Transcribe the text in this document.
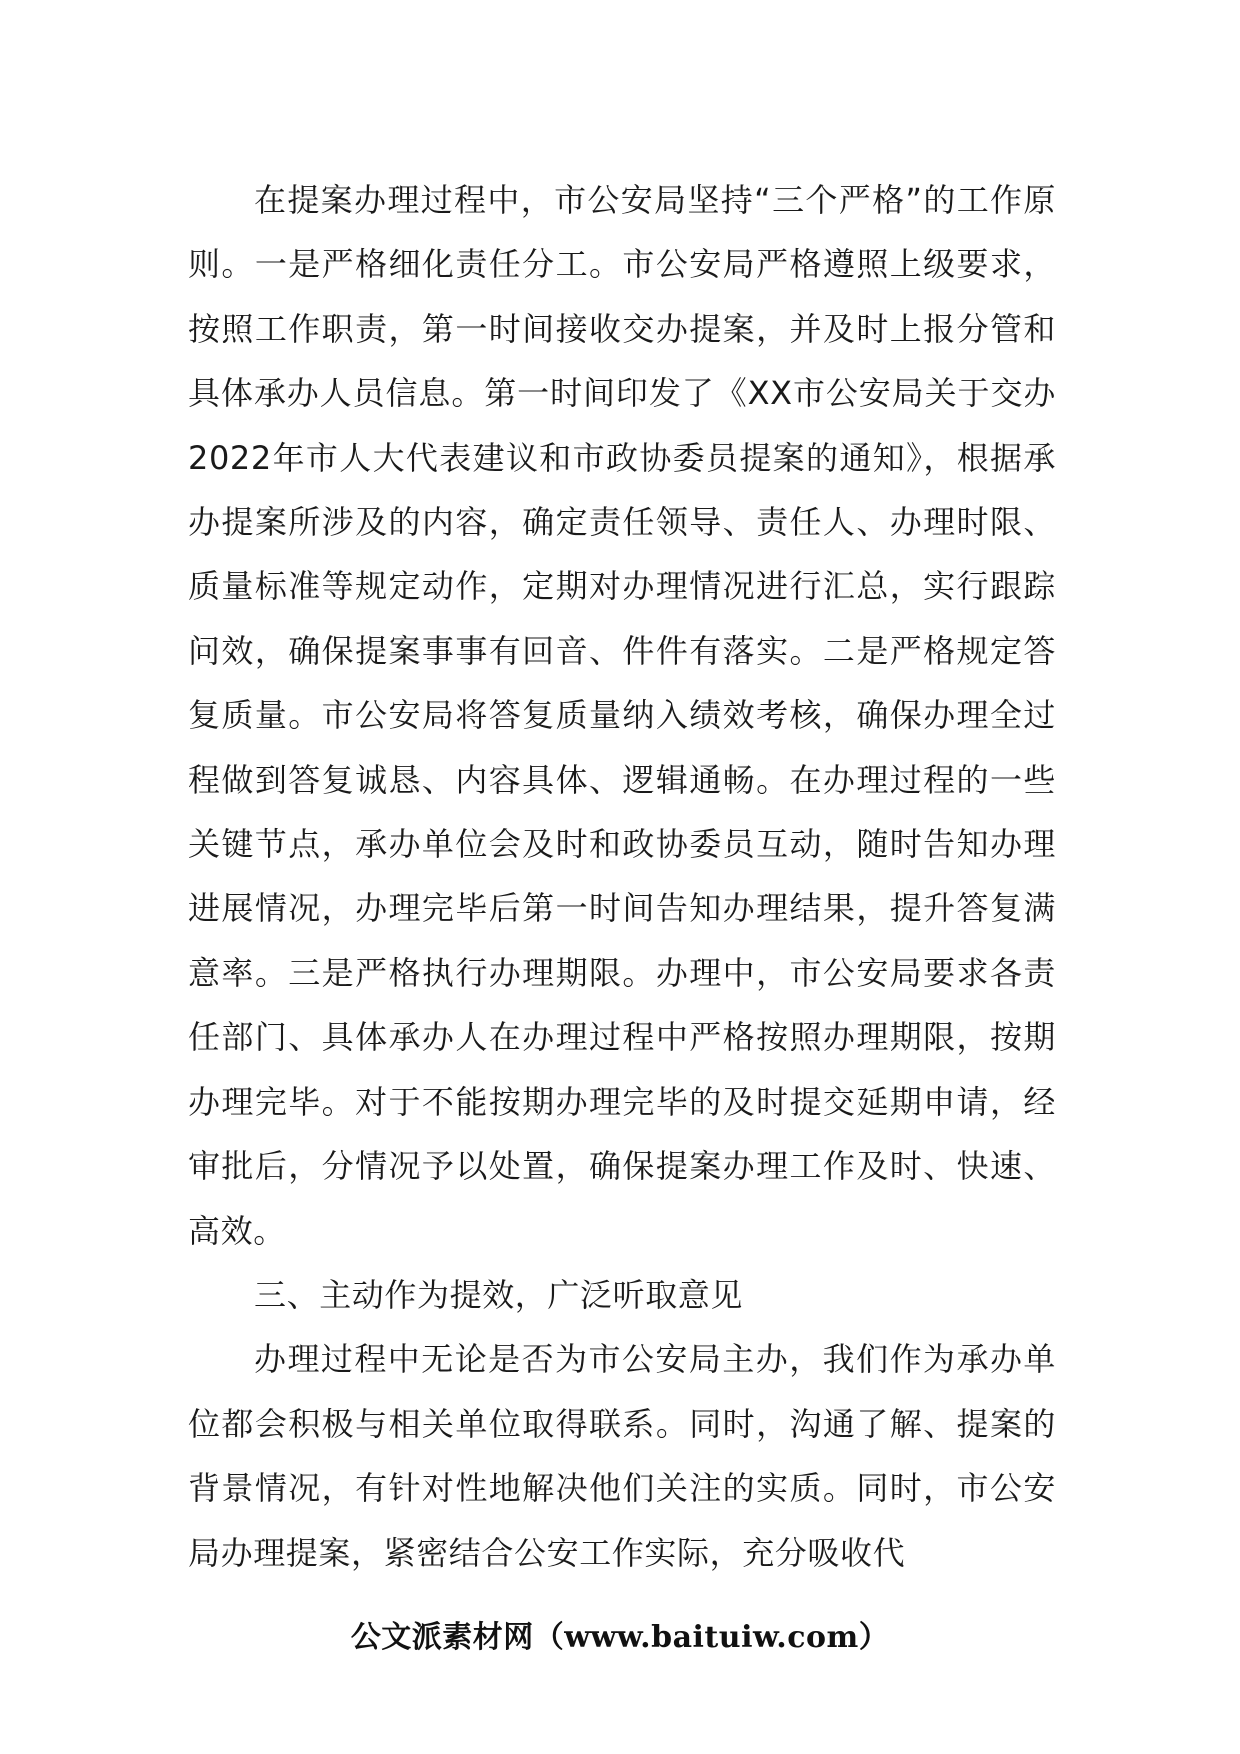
在提案办理过程中，市公安局坚持“三个严格”的工作原则。一是严格细化责任分工。市公安局严格遵照上级要求，按照工作职责，第一时间接收交办提案，并及时上报分管和具体承办人员信息。第一时间印发了《XX市公安局关于交办2022年市人大代表建议和市政协委员提案的通知》，根据承办提案所涉及的内容，确定责任领导、责任人、办理时限、质量标准等规定动作，定期对办理情况进行汇总，实行跟踪问效，确保提案事事有回音、件件有落实。二是严格规定答复质量。市公安局将答复质量纳入绩效考核，确保办理全过程做到答复诚恳、内容具体、逻辑通畅。在办理过程的一些关键节点，承办单位会及时和政协委员互动，随时告知办理进展情况，办理完毕后第一时间告知办理结果，提升答复满意率。三是严格执行办理期限。办理中，市公安局要求各责任部门、具体承办人在办理过程中严格按照办理期限，按期办理完毕。对于不能按期办理完毕的及时提交延期申请，经审批后，分情况予以处置，确保提案办理工作及时、快速、高效。

三、主动作为提效，广泛听取意见

办理过程中无论是否为市公安局主办，我们作为承办单位都会积极与相关单位取得联系。同时，沟通了解、提案的背景情况，有针对性地解决他们关注的实质。同时，市公安局办理提案，紧密结合公安工作实际，充分吸收代

公文派素材网（www.baituiw.com）
